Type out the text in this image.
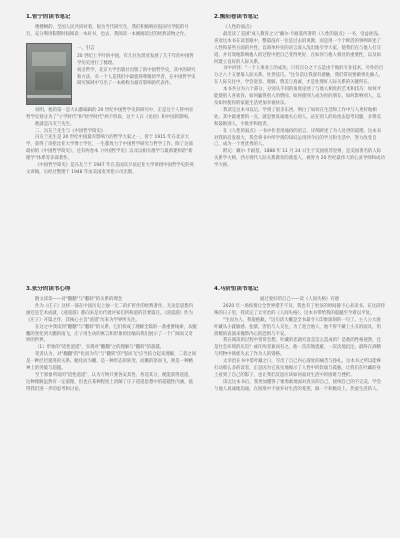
1.管宁的读书笔记

楼楼啊的，全国人民共同对着，很为当代研究生，我们积极响应报国号学院的号召，充分利用假期时间阅读一本好书，也去，我阅读一本刚刚读过的经典读物之作。

一、引言

20 世纪上半叶的中国，有几位先贤对发展了几千年的中国哲学历史进行了梳理。

祝圣哲学，北京大学出版社出版了的中国哲学史，其中的研究和方法，有一个人是我们中最值得尊敬的学者，在中国哲学史研究领域中写出了一本被称为最有影响的代表作。

说明、他的第一是大山都编辑的 20 世纪中国哲学史的研究中，正是这个人得中国哲学史划分为了"子学时代"和"经学时代"两个阶段，这个人在《论语》和中国的影响。

他就是冯友兰先生。

二、冯友兰先生与《中国哲学简史》

冯友兰先生是 20 世纪中国最有影响力的哲学大家之一，曾于 1915 年在北京大学，获得了哥伦比亚大学博士学位，一生都致力于中国哲学研究与哲学工作。除了这部最初的《中国哲学简史》，还有两卷本《中国哲学史》以及以相关理学与最新建构的"新理学"体系等多部著作。

《中国哲学简史》是冯友兰于 1947 年在美国宾夕法尼亚大学讲授中国哲学史的英文讲稿，后经过整理于 1948 年由美国麦米伦公司出版。

2.衡阳卷读书笔记

《人性的弱点》

最近读了美国"成人教育之父"戴尔·卡耐基所著的《人性的弱点》一书，受益匪浅。喜欢这本书在读者眼中，整篇没有一位是过去的说教，而是用一个个鲜活的事例讲述了人性和某些方面的共性，以简单朴实的语言深入浅出地引导大家，使我们在与他人打交道、并有效地影响他人的过程中把自己变得更好，在如何与他人相处的重要性，以及如何建立良好的人际关系。

书中讲到："一个人事业上的成功，只有百分之十五是由于他的专业技术，另外的百分之八十五要靠人际关系、处世技巧。"这句话让我深有感触，我们常说要做事先做人，在人际交往中，学会宽容、理解、赞美与真诚，才是处理好人际关系的关键所在。

本书共分为六个部分，分别从不同的角度论述了与他人相处的艺术和技巧：如何才能使别人喜欢你、如何赢得别人的赞同、如何使别人成为你的朋友、如何影响别人，以及如何使你的家庭生活更加幸福快乐。

我读完这本书以后，学到了很多东西，明白了如何在生活和工作中与人更好地相处。其中最重要的一点，就是要真诚地关心别人，站在别人的角度去思考问题，多赞美和鼓励别人，少批评和指责。

在《人性的弱点》一书中作者用通俗的语言，详细讲述了为人处世的道理，这本书对我的启发很大，我会将书中所学到的知识运用到今后的学习和生活中，努力改变自己，成为一个更优秀的人。

附记：戴尔·卡耐基，1888 年 11 月 24 日生于美国密苏里州，是美国著名的人际关系学大师，西方现代人际关系教育的奠基人，被誉为 20 世纪最伟大的心灵导师和成功学大师。

3.张分的读书心得

散文读读——对"翻翻"与"翻转"的关系的理念

作为《庄子》这样一部在中国历史上独一无二的扩折作的经典著作，无论是思想内涵还是艺术成就，《逍遥游》都向来是历代批评家们所称道的首要篇目。《逍遥游》作为《庄子》开篇之作，其核心主旨"逍遥"历来为学界所关注。

在这之中我读到"翻翻"与"翻转"的关系，它们构成了理解全篇的一条重要线索，从鲲鹏的变化到大鹏的南飞，庄子用生动的寓言和形象的比喻向我们展示了一个广阔而又奇妙的世界。

（1）形象的"适性逍遥"，实现对"翻翻"之的理解与"翻转"的超越。

笔者认为，对"翻翻"的"化而为鸟"与"翻转"的"怒而飞"应当结合起来理解，二者之间是一种层层递进的关系。鲲化而为鹏，是一种形态的转变，而鹏的怒而飞，则是一种精神上的突破与超越。

至于郭象所说的"适性逍遥"，认为万物只要各安其性、各适其分，便能获得逍遥，这种理解虽然有一定道理，但也在某种程度上消解了庄子逍遥思想中的超越性内涵，值得我们进一步的思考和讨论。

4.马阶恒读书笔记

通过爱好的自己——读《人间失格》有感

2020 年一场疫情让全世界措手不及，我也有了更多的时间静下心来读书。在这段特殊的日子里，我读完了太宰治的《人间失格》，这本书带给我的震撼至今难以平复。

"生而为人，我很抱歉。"这句话大概是全书最令人印象深刻的一句了。主人公大庭叶藏从小就敏感、怯懦，害怕与人交往，为了迎合他人，他不得不戴上小丑的面具，用滑稽的表演来掩饰内心的恐惧与不安。

我在阅读的过程中常常会想，叶藏的悲剧究竟是怎么造成的？是他的性格使然，还是社会环境的压迫？或许两者兼而有之。他一次次地逃避，一次次地沉沦，最终在酒精与药物中彻底失去了作为人的资格。

太宰治在书中借叶藏之口，写出了自己内心深处的痛苦与挣扎。这本书之所以能够打动那么多的读者，正是因为它真实地揭示了人性中的软弱与孤独，让我们在叶藏的身上看到了自己的影子，也让我们反思应该如何面对生活中的困难与挫折。

读完这本书后，我更加懂得了要勇敢地面对真实的自己，接纳自己的不完美，学会与他人真诚地沟通，在困境中不放弃对生活的希望，做一个积极向上、热爱生活的人。
